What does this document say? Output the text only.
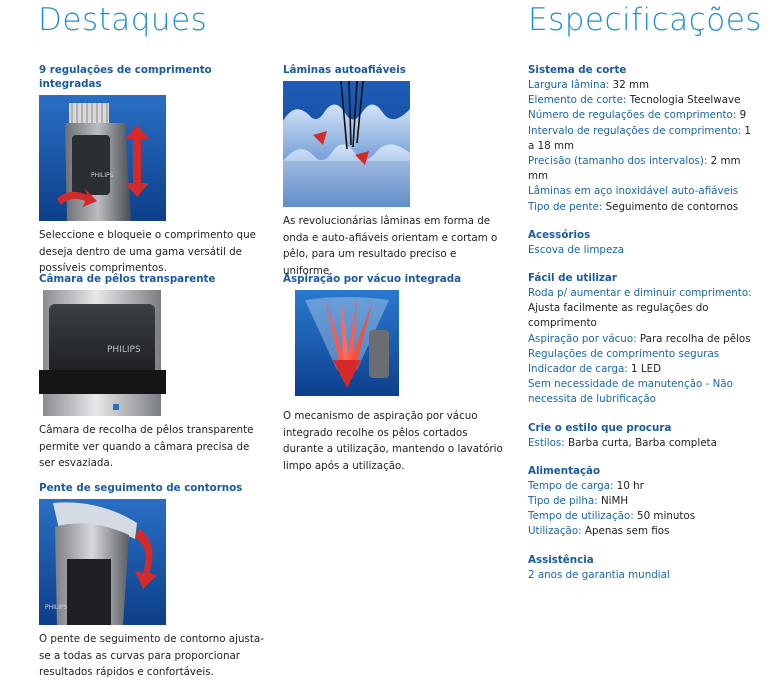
Destaques	Especificações
9 regulações de comprimento integradas
PHILIPS
Seleccione e bloqueie o comprimento que deseja dentro de uma gama versátil de possíveis comprimentos.
Lâminas autoafiáveis
As revolucionárias lâminas em forma de onda e auto-afiáveis orientam e cortam o pêlo, para um resultado preciso e uniforme.
Câmara de pêlos transparente
PHILIPS
Câmara de recolha de pêlos transparente permite ver quando a câmara precisa de ser esvaziada.
Aspiração por vácuo integrada
O mecanismo de aspiração por vácuo integrado recolhe os pêlos cortados durante a utilização, mantendo o lavatório limpo após a utilização.
Pente de seguimento de contornos
PHILIPS
O pente de seguimento de contorno ajusta-se a todas as curvas para proporcionar resultados rápidos e confortáveis.
Sistema de corte
Largura lâmina: 32 mm
Elemento de corte: Tecnologia Steelwave
Número de regulações de comprimento: 9
Intervalo de regulações de comprimento: 1 a 18 mm
Precisão (tamanho dos intervalos): 2 mm mm
Lâminas em aço inoxidável auto-afiáveis
Tipo de pente: Seguimento de contornos
Acessórios
Escova de limpeza
Fácil de utilizar
Roda p/ aumentar e diminuir comprimento: Ajusta facilmente as regulações do comprimento
Aspiração por vácuo: Para recolha de pêlos
Regulações de comprimento seguras
Indicador de carga: 1 LED
Sem necessidade de manutenção - Não necessita de lubrificação
Crie o estilo que procura
Estilos: Barba curta, Barba completa
Alimentação
Tempo de carga: 10 hr
Tipo de pilha: NiMH
Tempo de utilização: 50 minutos
Utilização: Apenas sem fios
Assistência
2 anos de garantia mundial
